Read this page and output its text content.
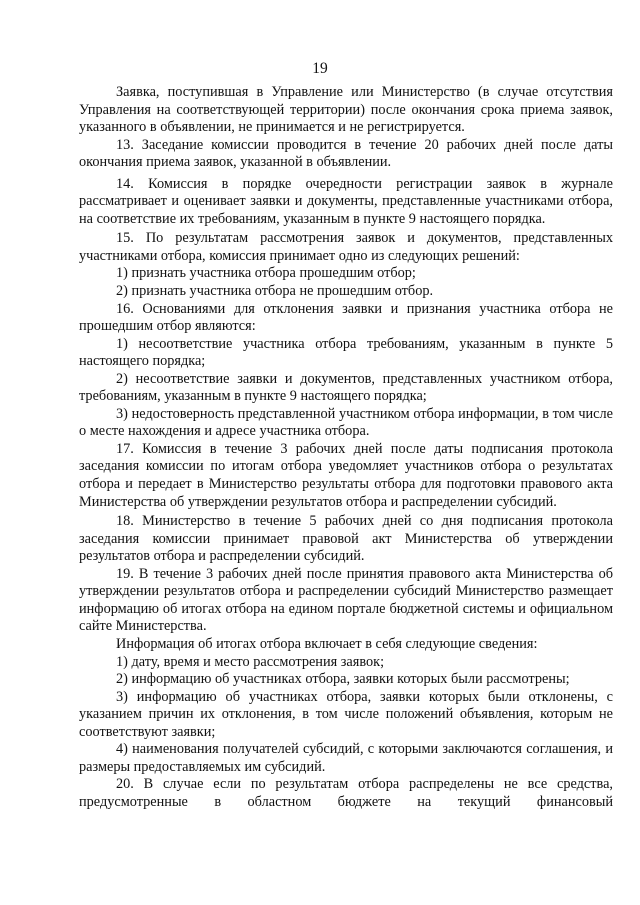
19

Заявка, поступившая в Управление или Министерство (в случае отсутствия Управления на соответствующей территории) после окончания срока приема заявок, указанного в объявлении, не принимается и не регистрируется.

13. Заседание комиссии проводится в течение 20 рабочих дней после даты окончания приема заявок, указанной в объявлении.

14. Комиссия в порядке очередности регистрации заявок в журнале рассматривает и оценивает заявки и документы, представленные участниками отбора, на соответствие их требованиям, указанным в пункте 9 настоящего порядка.

15. По результатам рассмотрения заявок и документов, представленных участниками отбора, комиссия принимает одно из следующих решений:

1) признать участника отбора прошедшим отбор;

2) признать участника отбора не прошедшим отбор.

16. Основаниями для отклонения заявки и признания участника отбора не прошедшим отбор являются:

1) несоответствие участника отбора требованиям, указанным в пункте 5 настоящего порядка;

2) несоответствие заявки и документов, представленных участником отбора, требованиям, указанным в пункте 9 настоящего порядка;

3) недостоверность представленной участником отбора информации, в том числе о месте нахождения и адресе участника отбора.

17. Комиссия в течение 3 рабочих дней после даты подписания протокола заседания комиссии по итогам отбора уведомляет участников отбора о результатах отбора и передает в Министерство результаты отбора для подготовки правового акта Министерства об утверждении результатов отбора и распределении субсидий.

18. Министерство в течение 5 рабочих дней со дня подписания протокола заседания комиссии принимает правовой акт Министерства об утверждении результатов отбора и распределении субсидий.

19. В течение 3 рабочих дней после принятия правового акта Министерства об утверждении результатов отбора и распределении субсидий Министерство размещает информацию об итогах отбора на едином портале бюджетной системы и официальном сайте Министерства.

Информация об итогах отбора включает в себя следующие сведения:

1) дату, время и место рассмотрения заявок;

2) информацию об участниках отбора, заявки которых были рассмотрены;

3) информацию об участниках отбора, заявки которых были отклонены, с указанием причин их отклонения, в том числе положений объявления, которым не соответствуют заявки;

4) наименования получателей субсидий, с которыми заключаются соглашения, и размеры предоставляемых им субсидий.

20. В случае если по результатам отбора распределены не все средства, предусмотренные в областном бюджете на текущий финансовый
